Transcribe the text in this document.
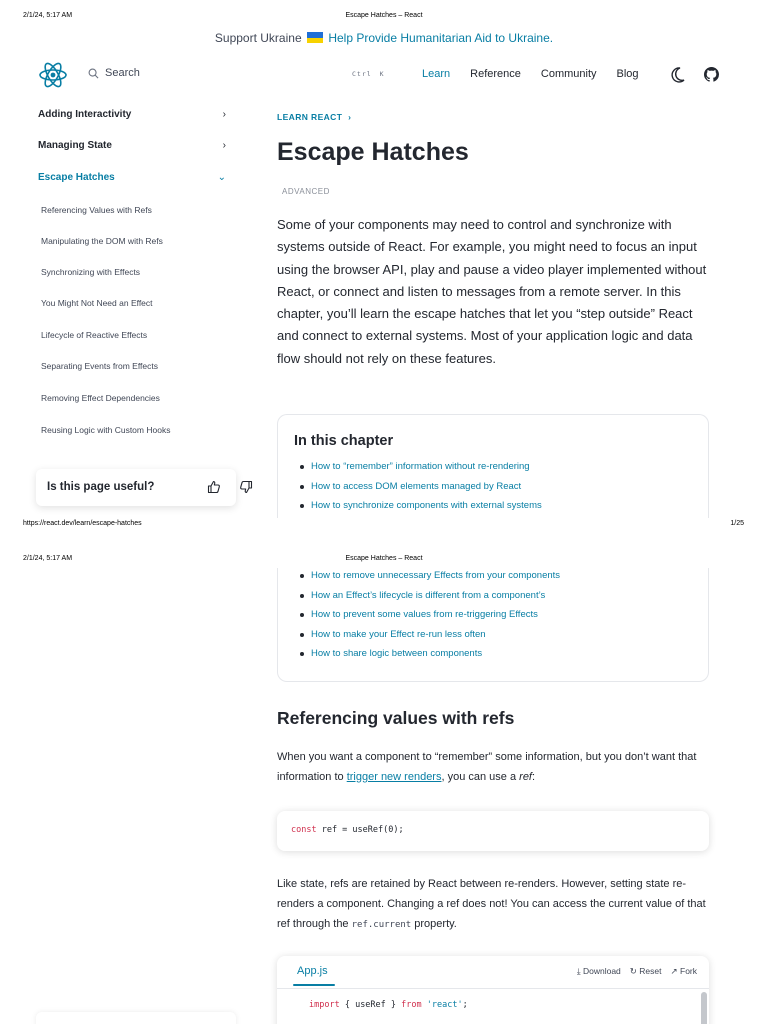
2/1/24, 5:17 AM	Escape Hatches – React
Support Ukraine Help Provide Humanitarian Aid to Ukraine.
Search	Ctrl K	Learn Reference Community Blog
Adding Interactivity	›
Managing State	›
Escape Hatches	⌄
Referencing Values with Refs
Manipulating the DOM with Refs
Synchronizing with Effects
You Might Not Need an Effect
Lifecycle of Reactive Effects
Separating Events from Effects
Removing Effect Dependencies
Reusing Logic with Custom Hooks
Is this page useful?
LEARN REACT ›
Escape Hatches
ADVANCED
Some of your components may need to control and synchronize with systems outside of React. For example, you might need to focus an input using the browser API, play and pause a video player implemented without React, or connect and listen to messages from a remote server. In this chapter, you’ll learn the escape hatches that let you “step outside” React and connect to external systems. Most of your application logic and data flow should not rely on these features.
In this chapter
How to “remember” information without re-rendering
How to access DOM elements managed by React
How to synchronize components with external systems
https://react.dev/learn/escape-hatches	1/25
2/1/24, 5:17 AM	Escape Hatches – React
How to remove unnecessary Effects from your components
How an Effect’s lifecycle is different from a component’s
How to prevent some values from re-triggering Effects
How to make your Effect re-run less often
How to share logic between components
Referencing values with refs
When you want a component to “remember” some information, but you don’t want that information to trigger new renders, you can use a ref:
const ref = useRef(0);
Like state, refs are retained by React between re-renders. However, setting state re-renders a component. Changing a ref does not! You can access the current value of that ref through the ref.current property.
App.js	⤓ Download ↻ Reset ↗ Fork
import { useRef } from 'react';
